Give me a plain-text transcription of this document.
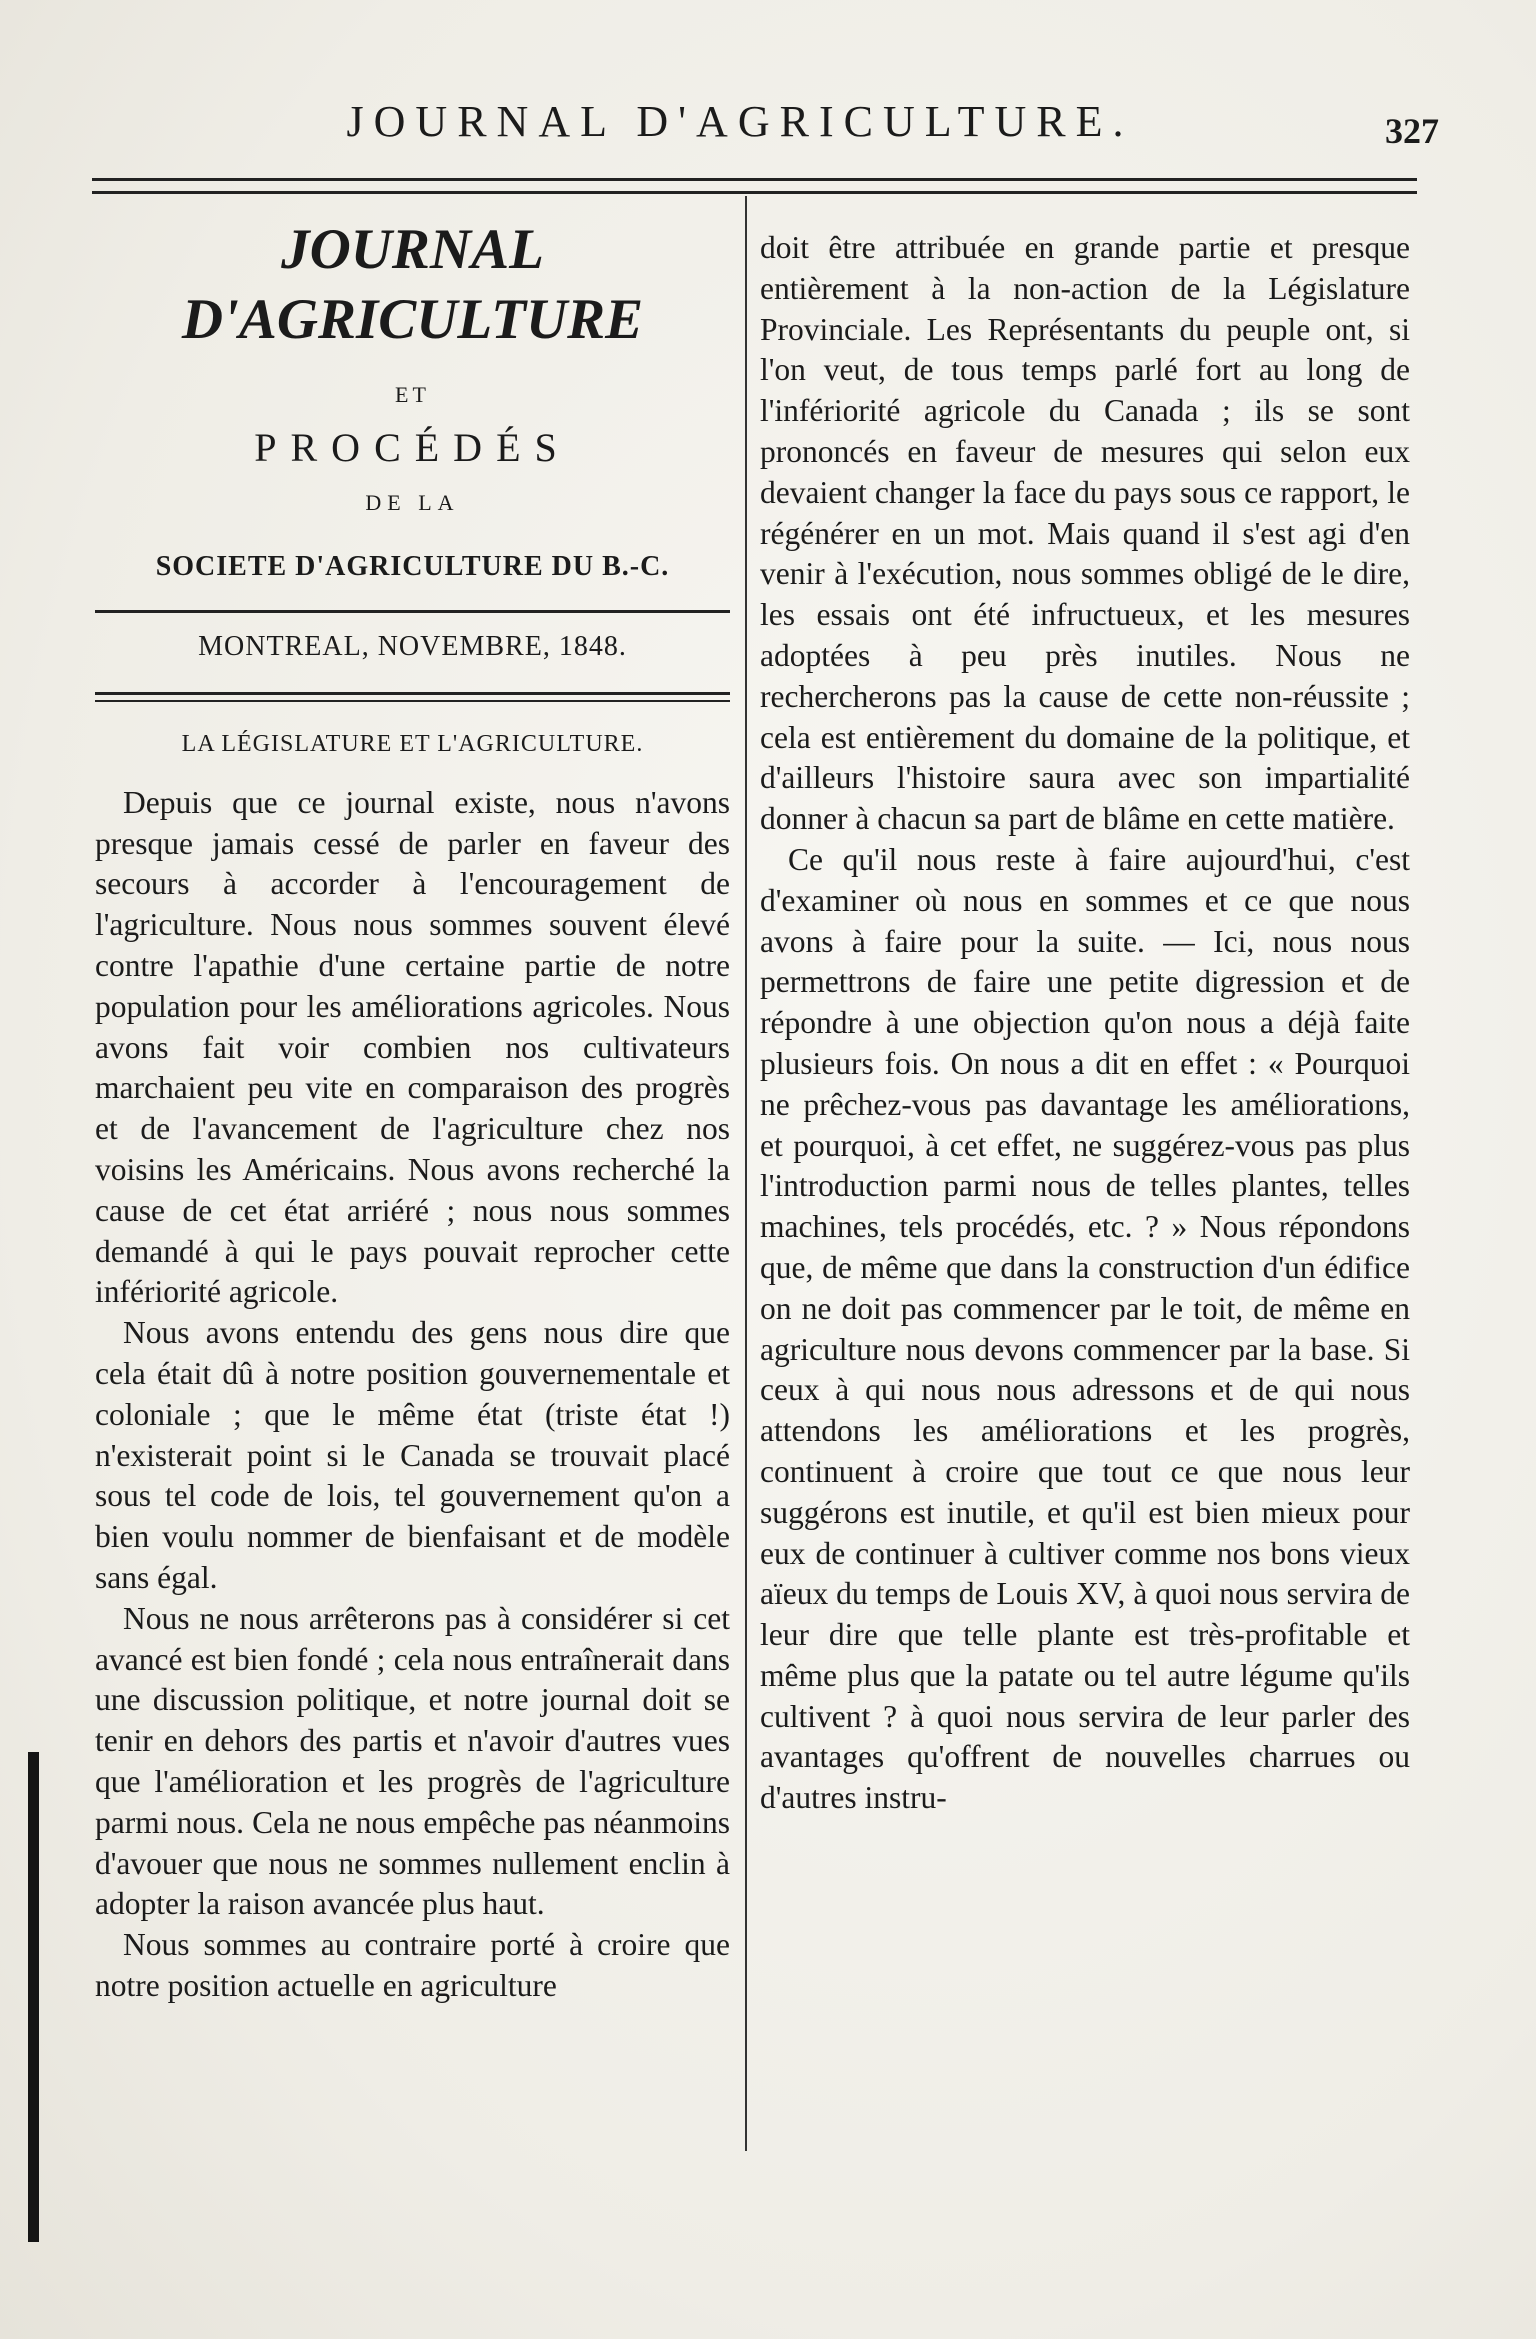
JOURNAL D'AGRICULTURE.	327
JOURNAL D'AGRICULTURE
ET
PROCÉDÉS
DE LA
SOCIETE D'AGRICULTURE DU B.-C.
MONTREAL, NOVEMBRE, 1848.
LA LÉGISLATURE ET L'AGRICULTURE.

Depuis que ce journal existe, nous n'avons presque jamais cessé de parler en faveur des secours à accorder à l'encouragement de l'agriculture. Nous nous sommes souvent élevé contre l'apathie d'une certaine partie de notre population pour les améliorations agricoles. Nous avons fait voir combien nos cultivateurs marchaient peu vite en comparaison des progrès et de l'avancement de l'agriculture chez nos voisins les Américains. Nous avons recherché la cause de cet état arriéré ; nous nous sommes demandé à qui le pays pouvait reprocher cette infériorité agricole.

Nous avons entendu des gens nous dire que cela était dû à notre position gouvernementale et coloniale ; que le même état (triste état !) n'existerait point si le Canada se trouvait placé sous tel code de lois, tel gouvernement qu'on a bien voulu nommer de bienfaisant et de modèle sans égal.

Nous ne nous arrêterons pas à considérer si cet avancé est bien fondé ; cela nous entraînerait dans une discussion politique, et notre journal doit se tenir en dehors des partis et n'avoir d'autres vues que l'amélioration et les progrès de l'agriculture parmi nous. Cela ne nous empêche pas néanmoins d'avouer que nous ne sommes nullement enclin à adopter la raison avancée plus haut.

Nous sommes au contraire porté à croire que notre position actuelle en agriculture

doit être attribuée en grande partie et presque entièrement à la non-action de la Législature Provinciale. Les Représentants du peuple ont, si l'on veut, de tous temps parlé fort au long de l'infériorité agricole du Canada ; ils se sont prononcés en faveur de mesures qui selon eux devaient changer la face du pays sous ce rapport, le régénérer en un mot. Mais quand il s'est agi d'en venir à l'exécution, nous sommes obligé de le dire, les essais ont été infructueux, et les mesures adoptées à peu près inutiles. Nous ne rechercherons pas la cause de cette non-réussite ; cela est entièrement du domaine de la politique, et d'ailleurs l'histoire saura avec son impartialité donner à chacun sa part de blâme en cette matière.

Ce qu'il nous reste à faire aujourd'hui, c'est d'examiner où nous en sommes et ce que nous avons à faire pour la suite. — Ici, nous nous permettrons de faire une petite digression et de répondre à une objection qu'on nous a déjà faite plusieurs fois. On nous a dit en effet : « Pourquoi ne prêchez-vous pas davantage les améliorations, et pourquoi, à cet effet, ne suggérez-vous pas plus l'introduction parmi nous de telles plantes, telles machines, tels procédés, etc. ? » Nous répondons que, de même que dans la construction d'un édifice on ne doit pas commencer par le toit, de même en agriculture nous devons commencer par la base. Si ceux à qui nous nous adressons et de qui nous attendons les améliorations et les progrès, continuent à croire que tout ce que nous leur suggérons est inutile, et qu'il est bien mieux pour eux de continuer à cultiver comme nos bons vieux aïeux du temps de Louis XV, à quoi nous servira de leur dire que telle plante est très-profitable et même plus que la patate ou tel autre légume qu'ils cultivent ? à quoi nous servira de leur parler des avantages qu'offrent de nouvelles charrues ou d'autres instru-
